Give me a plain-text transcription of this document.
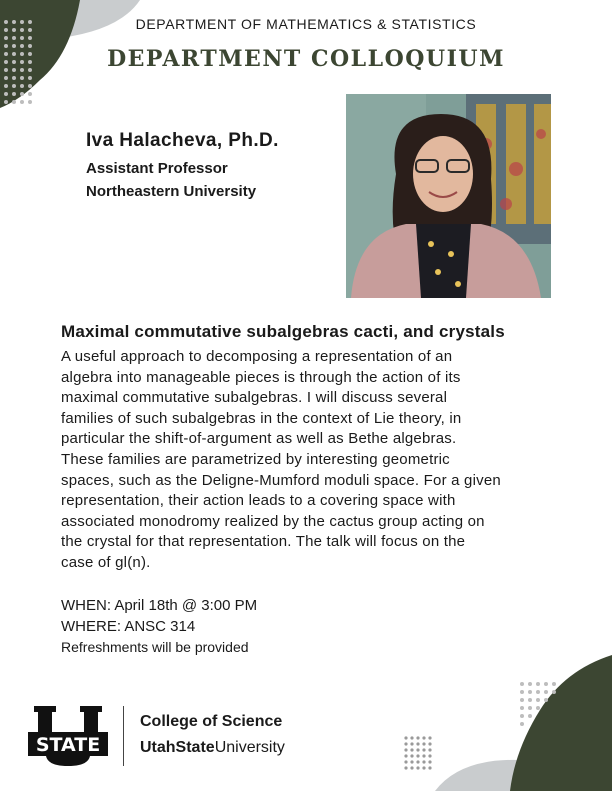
DEPARTMENT OF MATHEMATICS & STATISTICS
DEPARTMENT COLLOQUIUM
Iva Halacheva, Ph.D.
Assistant Professor
Northeastern University
Maximal commutative subalgebras cacti, and crystals
A useful approach to decomposing a representation of an
algebra into manageable pieces is through the action of its
maximal commutative subalgebras. I will discuss several
families of such subalgebras in the context of Lie theory, in
particular the shift-of-argument as well as Bethe algebras.
These families are parametrized by interesting geometric
spaces, such as the Deligne-Mumford moduli space. For a given
representation, their action leads to a covering space with
associated monodromy realized by the cactus group acting on
the crystal for that representation. The talk will focus on the
case of gl(n).
WHEN: April 18th @ 3:00 PM
WHERE: ANSC 314
Refreshments will be provided
STATE
College of Science
UtahStateUniversity
